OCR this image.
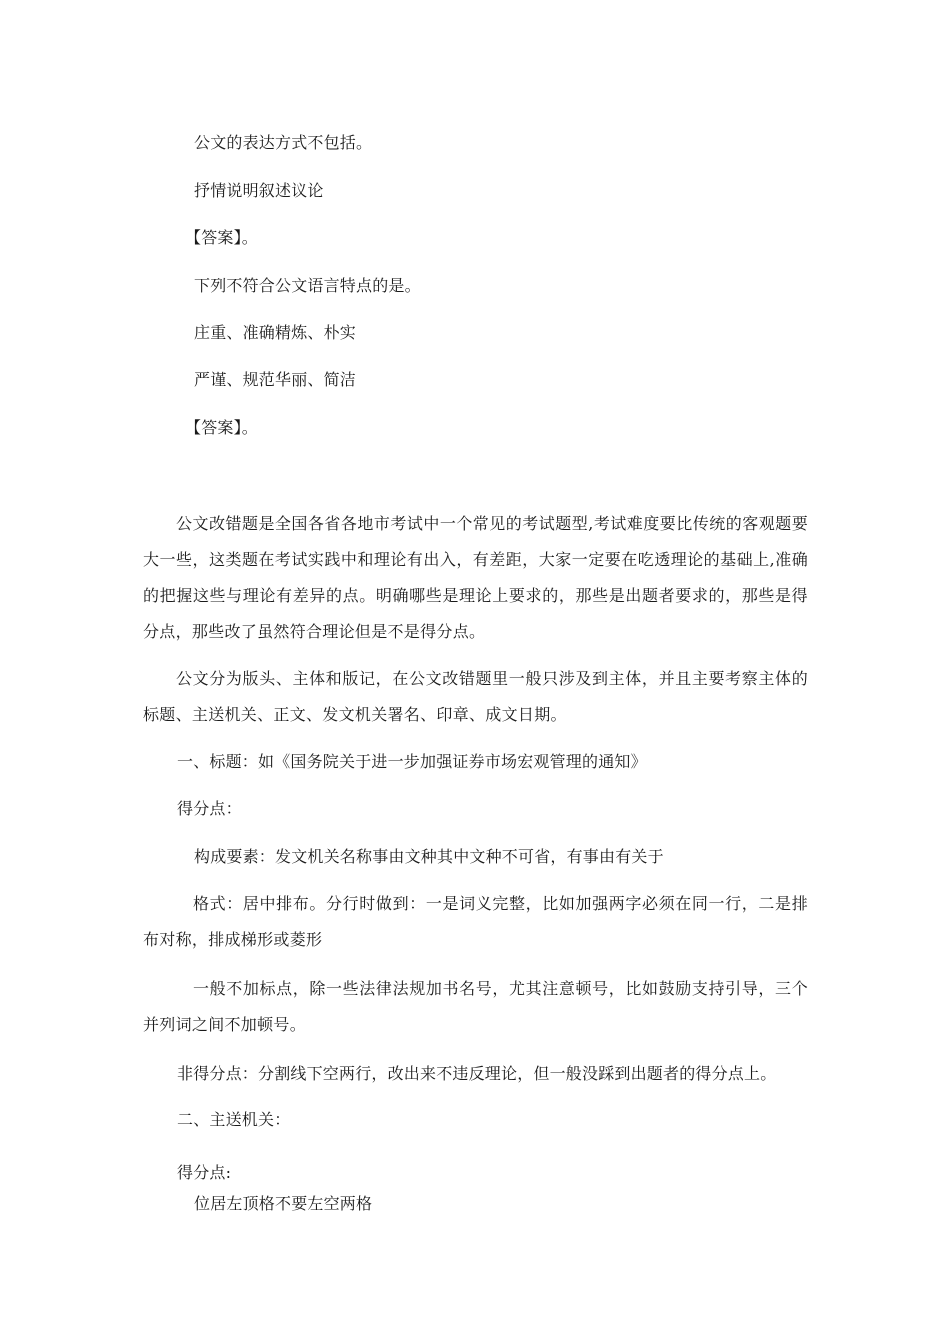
公文的表达方式不包括。
抒情说明叙述议论
【答案】。
下列不符合公文语言特点的是。
庄重、准确精炼、朴实
严谨、规范华丽、简洁
【答案】。
公文改错题是全国各省各地市考试中一个常见的考试题型,考试难度要比传统的客观题要大一些，这类题在考试实践中和理论有出入，有差距，大家一定要在吃透理论的基础上,准确的把握这些与理论有差异的点。明确哪些是理论上要求的，那些是出题者要求的，那些是得分点，那些改了虽然符合理论但是不是得分点。
公文分为版头、主体和版记，在公文改错题里一般只涉及到主体，并且主要考察主体的标题、主送机关、正文、发文机关署名、印章、成文日期。
一、标题：如《国务院关于进一步加强证券市场宏观管理的通知》
得分点：
构成要素：发文机关名称事由文种其中文种不可省，有事由有关于
格式：居中排布。分行时做到：一是词义完整，比如加强两字必须在同一行，二是排布对称，排成梯形或菱形
一般不加标点，除一些法律法规加书名号，尤其注意顿号，比如鼓励支持引导，三个并列词之间不加顿号。
非得分点：分割线下空两行，改出来不违反理论，但一般没踩到出题者的得分点上。
二、主送机关：
得分点:
位居左顶格不要左空两格
